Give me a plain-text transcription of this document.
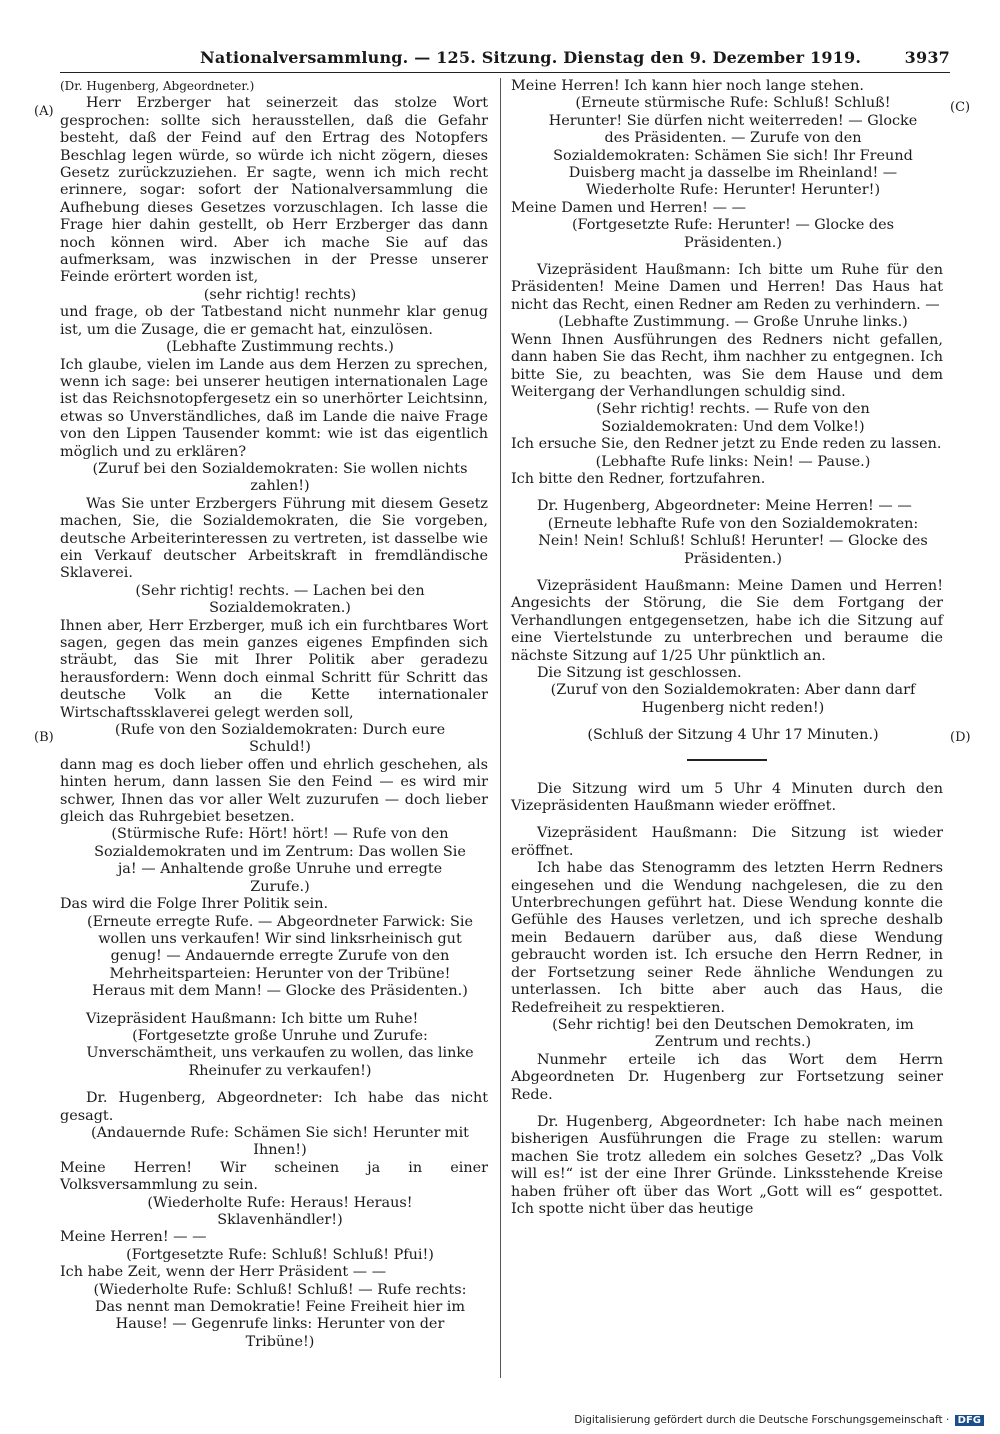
Nationalversammlung. — 125. Sitzung. Dienstag den 9. Dezember 1919.	3937
(A)
(B)
(C)
(D)

(Dr. Hugenberg, Abgeordneter.)

Herr Erzberger hat seinerzeit das stolze Wort gesprochen: sollte sich herausstellen, daß die Gefahr besteht, daß der Feind auf den Ertrag des Notopfers Beschlag legen würde, so würde ich nicht zögern, dieses Gesetz zurückzuziehen. Er sagte, wenn ich mich recht erinnere, sogar: sofort der Nationalversammlung die Aufhebung dieses Gesetzes vorzuschlagen. Ich lasse die Frage hier dahin gestellt, ob Herr Erzberger das dann noch können wird. Aber ich mache Sie auf das aufmerksam, was inzwischen in der Presse unserer Feinde erörtert worden ist,

(sehr richtig! rechts)

und frage, ob der Tatbestand nicht nunmehr klar genug ist, um die Zusage, die er gemacht hat, einzulösen.

(Lebhafte Zustimmung rechts.)

Ich glaube, vielen im Lande aus dem Herzen zu sprechen, wenn ich sage: bei unserer heutigen internationalen Lage ist das Reichsnotopfergesetz ein so unerhörter Leichtsinn, etwas so Unverständliches, daß im Lande die naive Frage von den Lippen Tausender kommt: wie ist das eigentlich möglich und zu erklären?

(Zuruf bei den Sozialdemokraten: Sie wollen nichts zahlen!)

Was Sie unter Erzbergers Führung mit diesem Gesetz machen, Sie, die Sozialdemokraten, die Sie vorgeben, deutsche Arbeiterinteressen zu vertreten, ist dasselbe wie ein Verkauf deutscher Arbeitskraft in fremdländische Sklaverei.

(Sehr richtig! rechts. — Lachen bei den Sozialdemokraten.)

Ihnen aber, Herr Erzberger, muß ich ein furchtbares Wort sagen, gegen das mein ganzes eigenes Empfinden sich sträubt, das Sie mit Ihrer Politik aber geradezu herausfordern: Wenn doch einmal Schritt für Schritt das deutsche Volk an die Kette internationaler Wirtschaftssklaverei gelegt werden soll,

(Rufe von den Sozialdemokraten: Durch eure Schuld!)

dann mag es doch lieber offen und ehrlich geschehen, als hinten herum, dann lassen Sie den Feind — es wird mir schwer, Ihnen das vor aller Welt zuzurufen — doch lieber gleich das Ruhrgebiet besetzen.

(Stürmische Rufe: Hört! hört! — Rufe von den Sozialdemokraten und im Zentrum: Das wollen Sie ja! — Anhaltende große Unruhe und erregte Zurufe.)

Das wird die Folge Ihrer Politik sein.

(Erneute erregte Rufe. — Abgeordneter Farwick: Sie wollen uns verkaufen! Wir sind linksrheinisch gut genug! — Andauernde erregte Zurufe von den Mehrheitsparteien: Herunter von der Tribüne! Heraus mit dem Mann! — Glocke des Präsidenten.)

Vizepräsident Haußmann: Ich bitte um Ruhe!

(Fortgesetzte große Unruhe und Zurufe: Unverschämtheit, uns verkaufen zu wollen, das linke Rheinufer zu verkaufen!)

Dr. Hugenberg, Abgeordneter: Ich habe das nicht gesagt.

(Andauernde Rufe: Schämen Sie sich! Herunter mit Ihnen!)

Meine Herren! Wir scheinen ja in einer Volksversammlung zu sein.

(Wiederholte Rufe: Heraus! Heraus! Sklavenhändler!)

Meine Herren! — —

(Fortgesetzte Rufe: Schluß! Schluß! Pfui!)

Ich habe Zeit, wenn der Herr Präsident — —

(Wiederholte Rufe: Schluß! Schluß! — Rufe rechts: Das nennt man Demokratie! Feine Freiheit hier im Hause! — Gegenrufe links: Herunter von der Tribüne!)

Meine Herren! Ich kann hier noch lange stehen.

(Erneute stürmische Rufe: Schluß! Schluß! Herunter! Sie dürfen nicht weiterreden! — Glocke des Präsidenten. — Zurufe von den Sozialdemokraten: Schämen Sie sich! Ihr Freund Duisberg macht ja dasselbe im Rheinland! — Wiederholte Rufe: Herunter! Herunter!)

Meine Damen und Herren! — —

(Fortgesetzte Rufe: Herunter! — Glocke des Präsidenten.)

Vizepräsident Haußmann: Ich bitte um Ruhe für den Präsidenten! Meine Damen und Herren! Das Haus hat nicht das Recht, einen Redner am Reden zu verhindern. —

(Lebhafte Zustimmung. — Große Unruhe links.)

Wenn Ihnen Ausführungen des Redners nicht gefallen, dann haben Sie das Recht, ihm nachher zu entgegnen. Ich bitte Sie, zu beachten, was Sie dem Hause und dem Weitergang der Verhandlungen schuldig sind.

(Sehr richtig! rechts. — Rufe von den Sozialdemokraten: Und dem Volke!)

Ich ersuche Sie, den Redner jetzt zu Ende reden zu lassen.

(Lebhafte Rufe links: Nein! — Pause.)

Ich bitte den Redner, fortzufahren.

Dr. Hugenberg, Abgeordneter: Meine Herren! — —

(Erneute lebhafte Rufe von den Sozialdemokraten: Nein! Nein! Schluß! Schluß! Herunter! — Glocke des Präsidenten.)

Vizepräsident Haußmann: Meine Damen und Herren! Angesichts der Störung, die Sie dem Fortgang der Verhandlungen entgegensetzen, habe ich die Sitzung auf eine Viertelstunde zu unterbrechen und beraume die nächste Sitzung auf 1/25 Uhr pünktlich an.

Die Sitzung ist geschlossen.

(Zuruf von den Sozialdemokraten: Aber dann darf Hugenberg nicht reden!)

(Schluß der Sitzung 4 Uhr 17 Minuten.)

Die Sitzung wird um 5 Uhr 4 Minuten durch den Vizepräsidenten Haußmann wieder eröffnet.

Vizepräsident Haußmann: Die Sitzung ist wieder eröffnet.

Ich habe das Stenogramm des letzten Herrn Redners eingesehen und die Wendung nachgelesen, die zu den Unterbrechungen geführt hat. Diese Wendung konnte die Gefühle des Hauses verletzen, und ich spreche deshalb mein Bedauern darüber aus, daß diese Wendung gebraucht worden ist. Ich ersuche den Herrn Redner, in der Fortsetzung seiner Rede ähnliche Wendungen zu unterlassen. Ich bitte aber auch das Haus, die Redefreiheit zu respektieren.

(Sehr richtig! bei den Deutschen Demokraten, im Zentrum und rechts.)

Nunmehr erteile ich das Wort dem Herrn Abgeordneten Dr. Hugenberg zur Fortsetzung seiner Rede.

Dr. Hugenberg, Abgeordneter: Ich habe nach meinen bisherigen Ausführungen die Frage zu stellen: warum machen Sie trotz alledem ein solches Gesetz? „Das Volk will es!“ ist der eine Ihrer Gründe. Linksstehende Kreise haben früher oft über das Wort „Gott will es“ gespottet. Ich spotte nicht über das heutige

Digitalisierung gefördert durch die Deutsche Forschungsgemeinschaft · DFG
